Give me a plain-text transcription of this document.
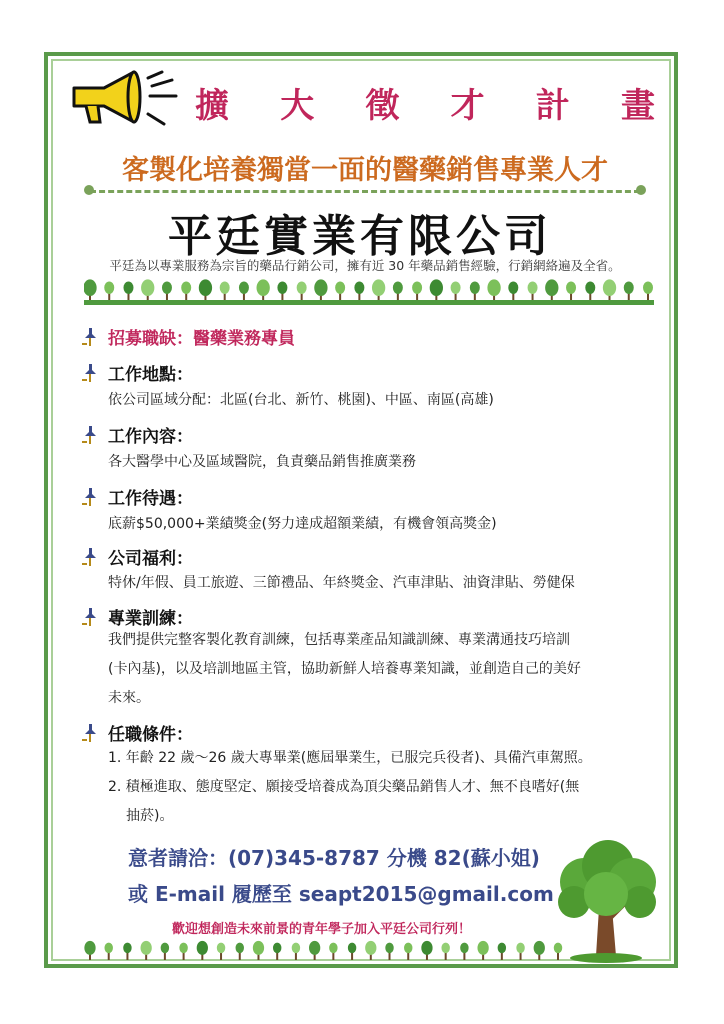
擴 大 徵 才 計 畫
客製化培養獨當一面的醫藥銷售專業人才
平廷實業有限公司
平廷為以專業服務為宗旨的藥品行銷公司，擁有近 30 年藥品銷售經驗，行銷網絡遍及全省。
招募職缺：醫藥業務專員
工作地點：
依公司區域分配：北區(台北、新竹、桃園)、中區、南區(高雄)
工作內容：
各大醫學中心及區域醫院，負責藥品銷售推廣業務
工作待遇：
底薪$50,000+業績獎金(努力達成超額業績，有機會領高獎金)
公司福利：
特休/年假、員工旅遊、三節禮品、年終獎金、汽車津貼、油資津貼、勞健保
專業訓練：
我們提供完整客製化教育訓練，包括專業產品知識訓練、專業溝通技巧培訓
(卡內基)，以及培訓地區主管，協助新鮮人培養專業知識，並創造自己的美好
未來。
任職條件：
1. 年齡 22 歲～26 歲大專畢業(應屆畢業生，已服完兵役者)、具備汽車駕照。
2. 積極進取、態度堅定、願接受培養成為頂尖藥品銷售人才、無不良嗜好(無
抽菸)。
意者請洽：(07)345-8787 分機 82(蘇小姐)
或 E-mail 履歷至 seapt2015@gmail.com
歡迎想創造未來前景的青年學子加入平廷公司行列！
